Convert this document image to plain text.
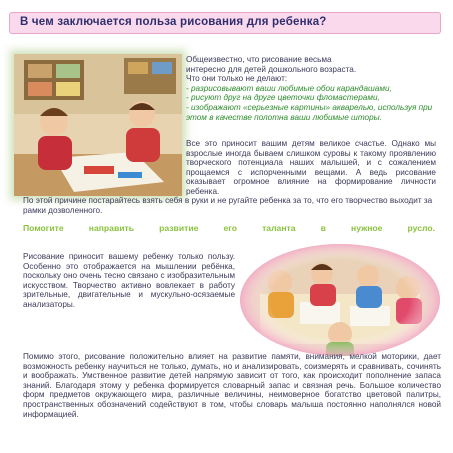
В чем заключается польза рисования для ребенка?
Общеизвестно, что рисование весьма
интересно для детей дошкольного возраста.
Что они только не делают:
- разрисовывают ваши любимые обои карандашами,
- рисуют друг на друге цветочки фломастерами,
- изображают «серьезные картины» акварелью, используя при этом в качестве полотна ваши любимые шторы.
Все это приносит вашим детям великое счастье. Однако мы взрослые иногда бываем слишком суровы к такому проявлению творческого потенциала наших малышей, и с сожалением прощаемся с испорченными вещами. А ведь рисование оказывает огромное влияние на формирование личности ребенка.
По этой причине постарайтесь взять себя в руки и не ругайте ребенка за то, что его творчество выходит за рамки дозволенного.
Помогите направить развитие его таланта в нужное русло.
Рисование приносит вашему ребенку только пользу. Особенно это отображается на мышлении ребёнка, поскольку оно очень тесно связано с изобразительным искусством. Творчество активно вовлекает в работу зрительные, двигательные и мускульно-осязаемые анализаторы.
Помимо этого, рисование положительно влияет на развитие памяти, внимания, мелкой моторики, дает возможность ребенку научиться не только, думать, но и анализировать, соизмерять и сравнивать, сочинять и воображать. Умственное развитие детей напрямую зависит от того, как происходит пополнение запаса знаний. Благодаря этому у ребенка формируется словарный запас и связная речь. Большое количество форм предметов окружающего мира, различные величины, неимоверное богатство цветовой палитры, пространственных обозначений содействуют в том, чтобы словарь малыша постоянно наполнялся новой информацией.
